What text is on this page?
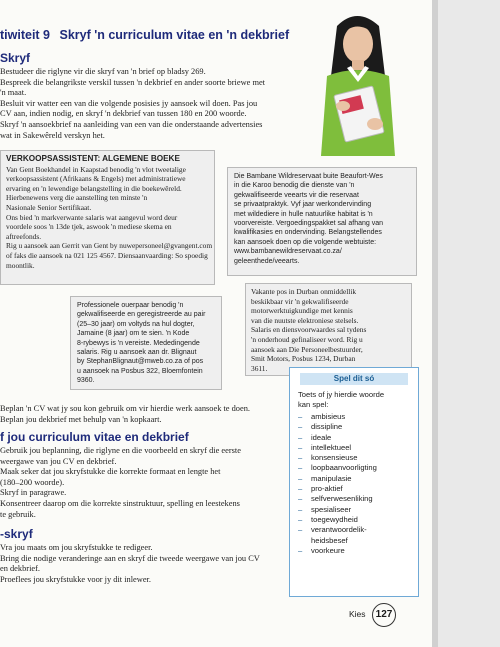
tiwiteit 9 Skryf 'n curriculum vitae en 'n dekbrief
Skryf
Bestudeer die riglyne vir die skryf van 'n brief op bladsy 269.
Bespreek die belangrikste verskil tussen 'n dekbrief en ander soorte briewe met
'n maat.
Besluit vir watter een van die volgende posisies jy aansoek wil doen. Pas jou
CV aan, indien nodig, en skryf 'n dekbrief van tussen 180 en 200 woorde.
Skryf 'n aansoekbrief na aanleiding van een van die onderstaande advertensies
wat in Sakewêreld verskyn het.
VERKOOPSASSISTENT: ALGEMENE BOEKE
Van Gent Boekhandel in Kaapstad benodig 'n vlot tweetalige
verkoopsassistent (Afrikaans & Engels) met administratiewe
ervaring en 'n lewendige belangstelling in die boekewêreld.
Hierbenewens verg die aanstelling ten minste 'n
Nasionale Senior Sertifikaat.
Ons bied 'n markverwante salaris wat aangevul word deur
voordele soos 'n 13de tjek, aswook 'n mediese skema en
aftreefonds.
Rig u aansoek aan Gerrit van Gent by nuwepersoneel@gvangent.com
of faks die aansoek na 021 125 4567. Diensaanvaarding: So spoedig
moontlik.
Die Bambane Wildreservaat buite Beaufort-Wes
in die Karoo benodig die dienste van 'n
gekwalifiseerde veearts vir die reservaat
se privaatpraktyk. Vyf jaar werkondervinding
met wildediere in hulle natuurlike habitat is 'n
voorvereiste. Vergoedingspakket sal afhang van
kwalifikasies en ondervinding. Belangstellendes
kan aansoek doen op die volgende webtuiste:
www.bambanewildreservaat.co.za/
geleenthede/veearts.
Professionele ouerpaar benodig 'n
gekwalifiseerde en geregistreerde au pair
(25–30 jaar) om voltyds na hul dogter,
Jamaine (8 jaar) om te sien. 'n Kode
8-rybewys is 'n vereiste. Mededingende
salaris. Rig u aansoek aan dr. Blignaut
by StephanBlignaut@mweb.co.za of pos
u aansoek na Posbus 322, Bloemfontein
9360.
Vakante pos in Durban onmiddellik
beskikbaar vir 'n gekwalifiseerde
motorwerktuigkundige met kennis
van die nuutste elektroniese stelsels.
Salaris en diensvoorwaardes sal tydens
'n onderhoud gefinaliseer word. Rig u
aansoek aan Die Personeelbestuurder,
Smit Motors, Posbus 1234, Durban
3611.
Beplan 'n CV wat jy sou kon gebruik om vir hierdie werk aansoek te doen.
Beplan jou dekbrief met behulp van 'n kopkaart.
f jou curriculum vitae en dekbrief
Gebruik jou beplanning, die riglyne en die voorbeeld en skryf die eerste
weergawe van jou CV en dekbrief.
Maak seker dat jou skryfstukke die korrekte formaat en lengte het
(180–200 woorde).
Skryf in paragrawe.
Konsentreer daarop om die korrekte sinstruktuur, spelling en leestekens
te gebruik.
-skryf
Vra jou maats om jou skryfstukke te redigeer.
Bring die nodige veranderinge aan en skryf die tweede weergawe van jou CV
en dekbrief.
Proeflees jou skryfstukke voor jy dit inlewer.
Spel dit só
Toets of jy hierdie woorde
kan spel:
– ambisieus
– dissipline
– ideale
– intellektueel
– konsensieuse
– loopbaanvoorligting
– manipulasie
– pro-aktief
– selfverwesenliking
– spesialiseer
– toegewydheid
– verantwoordelik-
heidsbesef
– voorkeure
Kies	127
